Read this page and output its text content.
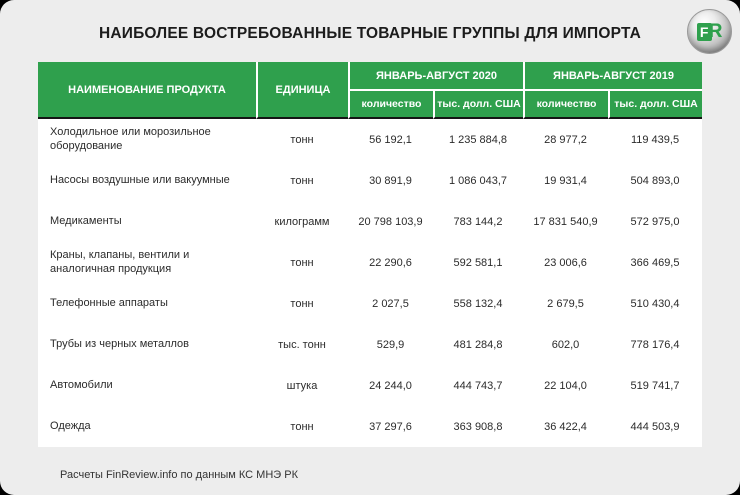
НАИБОЛЕЕ ВОСТРЕБОВАННЫЕ ТОВАРНЫЕ ГРУППЫ ДЛЯ ИМПОРТА	F R
НАИМЕНОВАНИЕ ПРОДУКТА	ЕДИНИЦА	ЯНВАРЬ-АВГУСТ 2020		ЯНВАРЬ-АВГУСТ 2019	
		количество	тыс. долл. США	количество	тыс. долл. США
Холодильное или морозильное оборудование	тонн	56 192,1	1 235 884,8	28 977,2	119 439,5
Насосы воздушные или вакуумные	тонн	30 891,9	1 086 043,7	19 931,4	504 893,0
Медикаменты	килограмм	20 798 103,9	783 144,2	17 831 540,9	572 975,0
Краны, клапаны, вентили и аналогичная продукция	тонн	22 290,6	592 581,1	23 006,6	366 469,5
Телефонные аппараты	тонн	2 027,5	558 132,4	2 679,5	510 430,4
Трубы из черных металлов	тыс. тонн	529,9	481 284,8	602,0	778 176,4
Автомобили	штука	24 244,0	444 743,7	22 104,0	519 741,7
Одежда	тонн	37 297,6	363 908,8	36 422,4	444 503,9
Расчеты FinReview.info по данным КС МНЭ РК
